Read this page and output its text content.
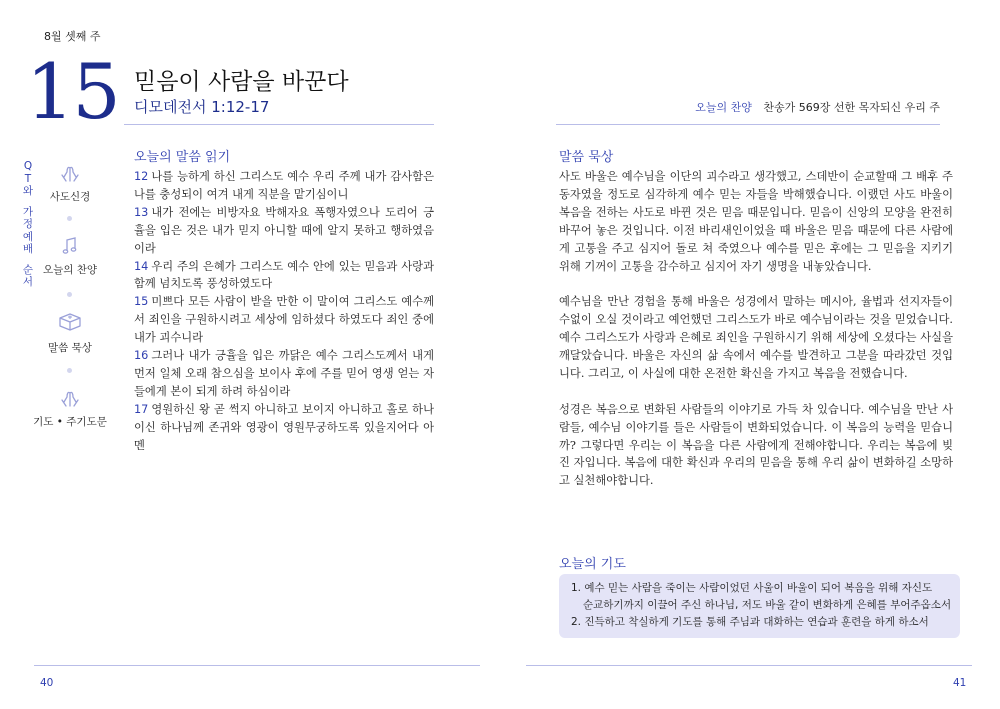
8월 셋째 주
15 믿음이 사람을 바꾼다
디모데전서 1:12-17	오늘의 찬양 찬송가 569장 선한 목자되신 우리 주
Q
T
와
가
정
예
배
순
서
사도신경
오늘의 찬양
말씀 묵상
기도 • 주기도문
오늘의 말씀 읽기
12 나를 능하게 하신 그리스도 예수 우리 주께 내가 감사함은 나를 충성되이 여겨 내게 직분을 맡기심이니
13 내가 전에는 비방자요 박해자요 폭행자였으나 도리어 긍휼을 입은 것은 내가 믿지 아니할 때에 알지 못하고 행하였음이라
14 우리 주의 은혜가 그리스도 예수 안에 있는 믿음과 사랑과 함께 넘치도록 풍성하였도다
15 미쁘다 모든 사람이 받을 만한 이 말이여 그리스도 예수께서 죄인을 구원하시려고 세상에 임하셨다 하였도다 죄인 중에 내가 괴수니라
16 그러나 내가 긍휼을 입은 까닭은 예수 그리스도께서 내게 먼저 일체 오래 참으심을 보이사 후에 주를 믿어 영생 얻는 자들에게 본이 되게 하려 하심이라
17 영원하신 왕 곧 썩지 아니하고 보이지 아니하고 홀로 하나이신 하나님께 존귀와 영광이 영원무궁하도록 있을지어다 아멘
말씀 묵상

사도 바울은 예수님을 이단의 괴수라고 생각했고, 스데반이 순교할때 그 배후 주동자였을 정도로 심각하게 예수 믿는 자들을 박해했습니다. 이랬던 사도 바울이 복음을 전하는 사도로 바뀐 것은 믿음 때문입니다. 믿음이 신앙의 모양을 완전히 바꾸어 놓은 것입니다. 이전 바리새인이었을 때 바울은 믿음 때문에 다른 사람에게 고통을 주고 심지어 돌로 쳐 죽였으나 예수를 믿은 후에는 그 믿음을 지키기 위해 기꺼이 고통을 감수하고 심지어 자기 생명을 내놓았습니다.

예수님을 만난 경험을 통해 바울은 성경에서 말하는 메시아, 율법과 선지자들이 수없이 오실 것이라고 예언했던 그리스도가 바로 예수님이라는 것을 믿었습니다. 예수 그리스도가 사랑과 은혜로 죄인을 구원하시기 위해 세상에 오셨다는 사실을 깨달았습니다. 바울은 자신의 삶 속에서 예수를 발견하고 그분을 따라갔던 것입니다. 그리고, 이 사실에 대한 온전한 확신을 가지고 복음을 전했습니다.

성경은 복음으로 변화된 사람들의 이야기로 가득 차 있습니다. 예수님을 만난 사람들, 예수님 이야기를 들은 사람들이 변화되었습니다. 이 복음의 능력을 믿습니까? 그렇다면 우리는 이 복음을 다른 사람에게 전해야합니다. 우리는 복음에 빚진 자입니다. 복음에 대한 확신과 우리의 믿음을 통해 우리 삶이 변화하길 소망하고 실천해야합니다.

오늘의 기도
1. 예수 믿는 사람을 죽이는 사람이었던 사울이 바울이 되어 복음을 위해 자신도
순교하기까지 이끌어 주신 하나님, 저도 바울 같이 변화하게 은혜를 부어주옵소서
2. 진득하고 착실하게 기도를 통해 주님과 대화하는 연습과 훈련을 하게 하소서
40	41
